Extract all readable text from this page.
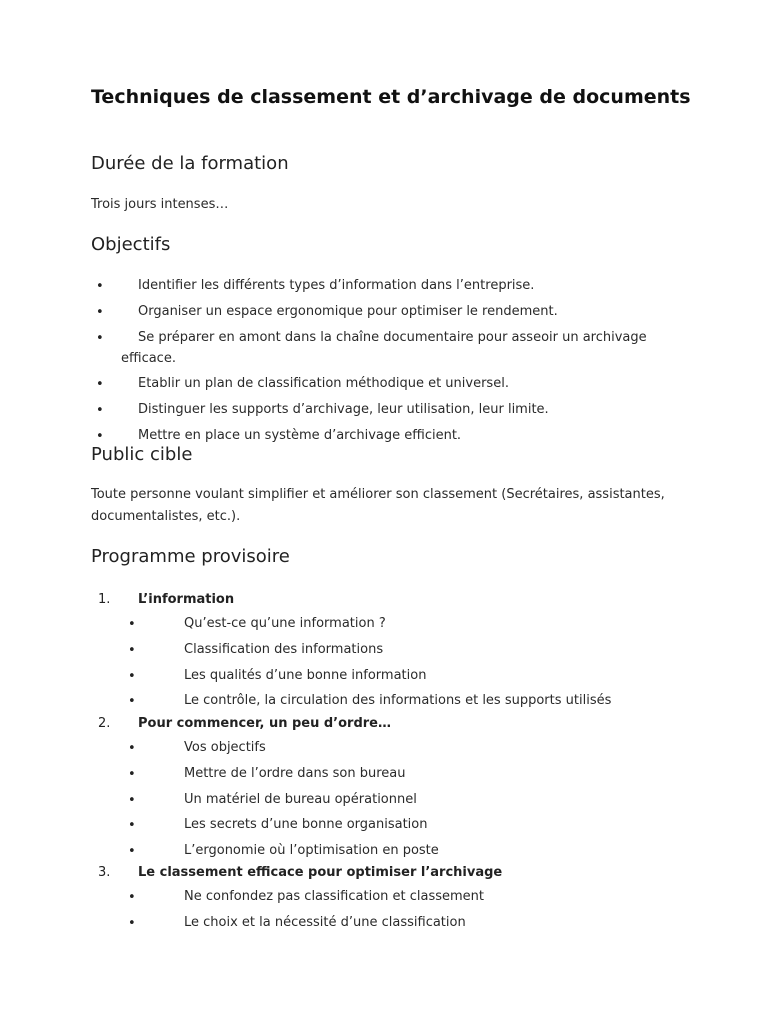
Techniques de classement et d’archivage de documents
Durée de la formation
Trois jours intenses…
Objectifs
•	Identifier les différents types d’information dans l’entreprise.
•	Organiser un espace ergonomique pour optimiser le rendement.
•	Se préparer en amont dans la chaîne documentaire pour asseoir un archivage
efficace.
•	Etablir un plan de classification méthodique et universel.
•	Distinguer les supports d’archivage, leur utilisation, leur limite.
•	Mettre en place un système d’archivage efficient.
Public cible
Toute personne voulant simplifier et améliorer son classement (Secrétaires, assistantes, documentalistes, etc.).
Programme provisoire
1. L’information
•	Qu’est-ce qu’une information ?
•	Classification des informations
•	Les qualités d’une bonne information
•	Le contrôle, la circulation des informations et les supports utilisés
2. Pour commencer, un peu d’ordre…
•	Vos objectifs
•	Mettre de l’ordre dans son bureau
•	Un matériel de bureau opérationnel
•	Les secrets d’une bonne organisation
•	L’ergonomie où l’optimisation en poste
3. Le classement efficace pour optimiser l’archivage
•	Ne confondez pas classification et classement
•	Le choix et la nécessité d’une classification
